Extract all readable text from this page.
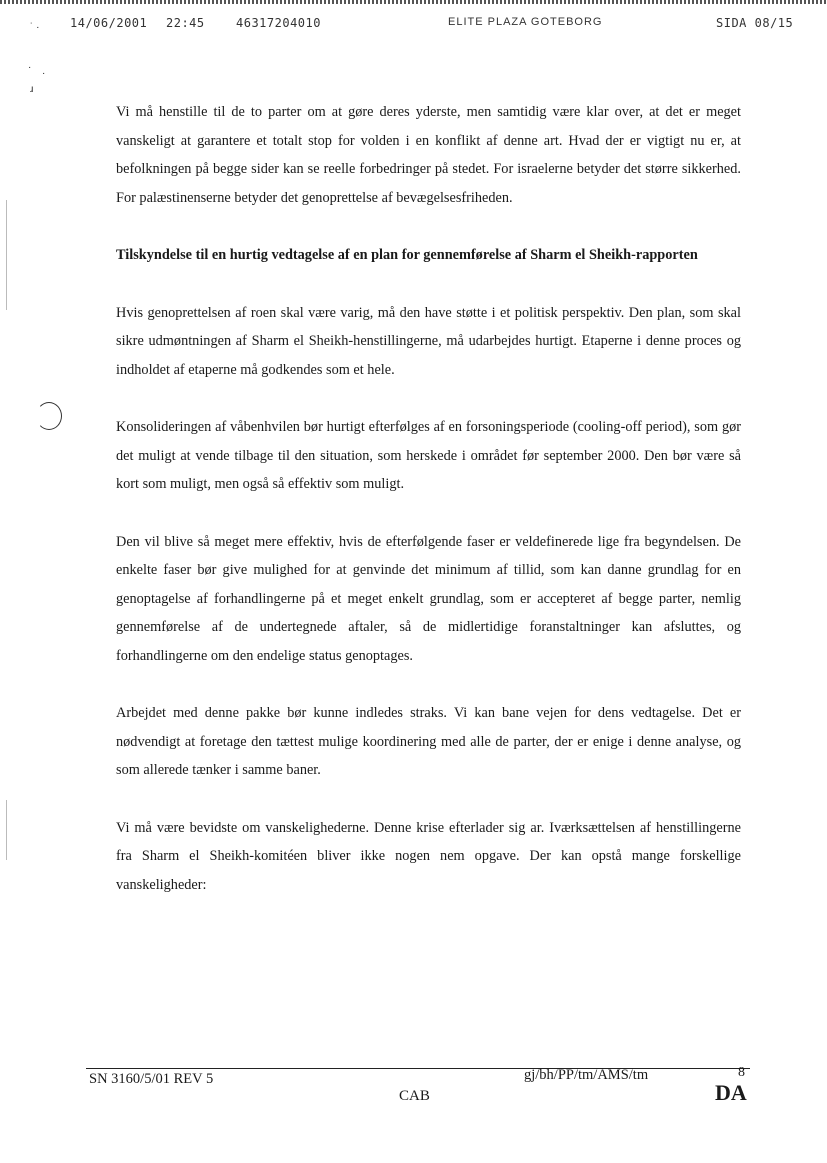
14/06/2001 22:45	46317204010	ELITE PLAZA GOTEBORG	SIDA 08/15
˙ ·
·
·
ɹ

Vi må henstille til de to parter om at gøre deres yderste, men samtidig være klar over, at det er meget vanskeligt at garantere et totalt stop for volden i en konflikt af denne art. Hvad der er vigtigt nu er, at befolkningen på begge sider kan se reelle forbedringer på stedet. For israelerne betyder det større sikkerhed. For palæstinenserne betyder det genoprettelse af bevægelsesfriheden.

Tilskyndelse til en hurtig vedtagelse af en plan for gennemførelse af Sharm el Sheikh-rapporten

Hvis genoprettelsen af roen skal være varig, må den have støtte i et politisk perspektiv. Den plan, som skal sikre udmøntningen af Sharm el Sheikh-henstillingerne, må udarbejdes hurtigt. Etaperne i denne proces og indholdet af etaperne må godkendes som et hele.

Konsolideringen af våbenhvilen bør hurtigt efterfølges af en forsoningsperiode (cooling-off period), som gør det muligt at vende tilbage til den situation, som herskede i området før september 2000. Den bør være så kort som muligt, men også så effektiv som muligt.

Den vil blive så meget mere effektiv, hvis de efterfølgende faser er veldefinerede lige fra begyndelsen. De enkelte faser bør give mulighed for at genvinde det minimum af tillid, som kan danne grundlag for en genoptagelse af forhandlingerne på et meget enkelt grundlag, som er accepteret af begge parter, nemlig gennemførelse af de undertegnede aftaler, så de midlertidige foranstaltninger kan afsluttes, og forhandlingerne om den endelige status genoptages.

Arbejdet med denne pakke bør kunne indledes straks. Vi kan bane vejen for dens vedtagelse. Det er nødvendigt at foretage den tættest mulige koordinering med alle de parter, der er enige i denne analyse, og som allerede tænker i samme baner.

Vi må være bevidste om vanskelighederne. Denne krise efterlader sig ar. Iværksættelsen af henstillingerne fra Sharm el Sheikh-komitéen bliver ikke nogen nem opgave. Der kan opstå mange forskellige vanskeligheder:

SN 3160/5/01 REV 5	gj/bh/PP/tm/AMS/tm	8
CAB	DA
